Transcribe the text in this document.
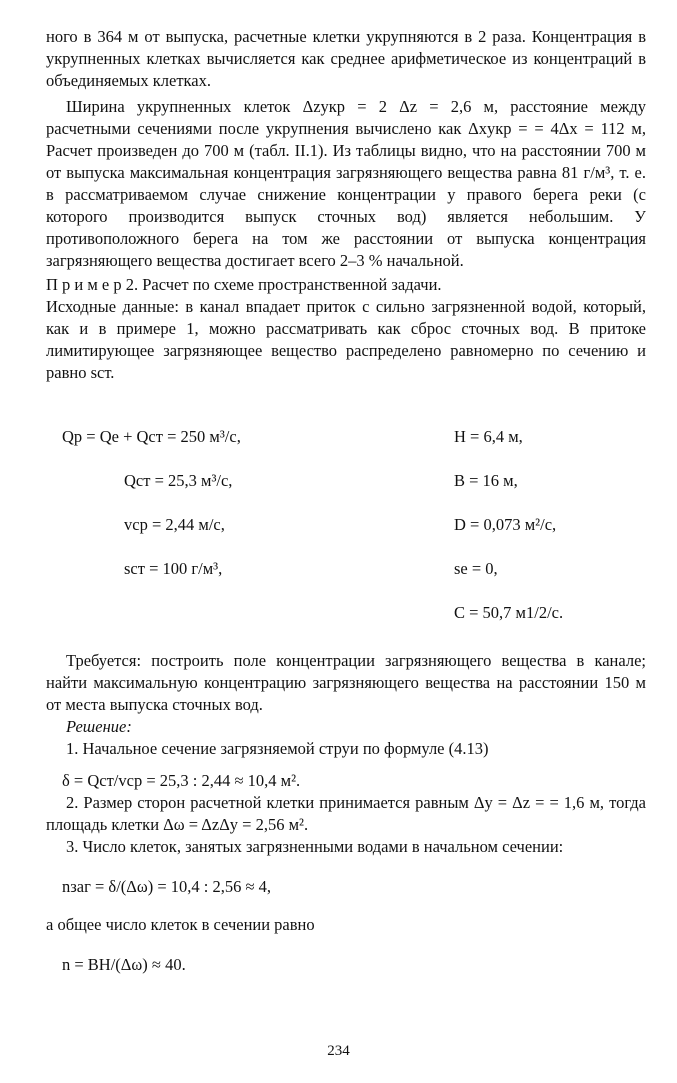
ного в 364 м от выпуска, расчетные клетки укрупняются в 2 раза. Концентрация в укрупненных клетках вычисляется как среднее арифметическое из концентраций в объединяемых клетках.

Ширина укрупненных клеток Δzукр = 2 Δz = 2,6 м, расстояние между расчетными сечениями после укрупнения вычислено как Δxукр = = 4Δx = 112 м, Расчет произведен до 700 м (табл. II.1). Из таблицы видно, что на расстоянии 700 м от выпуска максимальная концентрация загрязняющего вещества равна 81 г/м³, т. е. в рассматриваемом случае снижение концентрации у правого берега реки (с которого производится выпуск сточных вод) является небольшим. У противоположного берега на том же расстоянии от выпуска концентрация загрязняющего вещества достигает всего 2–3 % начальной.

П р и м е р 2. Расчет по схеме пространственной задачи.

Исходные данные: в канал впадает приток с сильно загрязненной водой, который, как и в примере 1, можно рассматривать как сброс сточных вод. В притоке лимитирующее загрязняющее вещество распределено равномерно по сечению и равно sст.

Qр = Qе + Qст = 250 м³/с,
Qст = 25,3 м³/с,
vср = 2,44 м/с,
sст = 100 г/м³,
H = 6,4 м,
B = 16 м,
D = 0,073 м²/с,
sе = 0,
C = 50,7 м1/2/с.

Требуется: построить поле концентрации загрязняющего вещества в канале; найти максимальную концентрацию загрязняющего вещества на расстоянии 150 м от места выпуска сточных вод.

Решение:

1. Начальное сечение загрязняемой струи по формуле (4.13)

δ = Qст/vср = 25,3 : 2,44 ≈ 10,4 м².

2. Размер сторон расчетной клетки принимается равным Δy = Δz = = 1,6 м, тогда площадь клетки Δω = ΔzΔy = 2,56 м².

3. Число клеток, занятых загрязненными водами в начальном сечении:

nзаг = δ/(Δω) = 10,4 : 2,56 ≈ 4,

а общее число клеток в сечении равно

n = BH/(Δω) ≈ 40.

234
